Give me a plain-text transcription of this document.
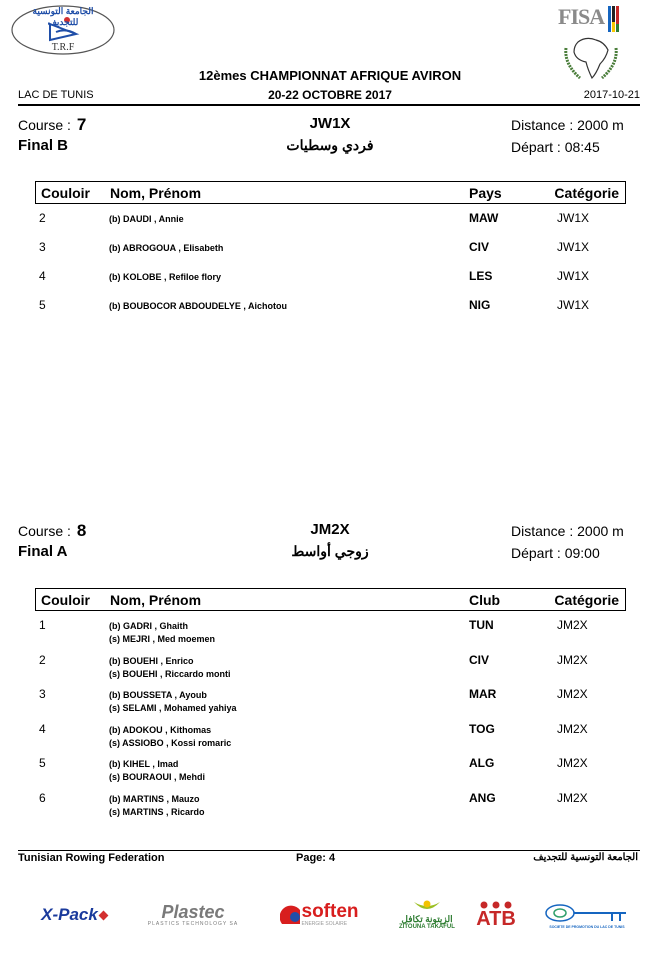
الجامعة التونسية للتجديف
T.R.F
FISA
12èmes CHAMPIONNAT AFRIQUE AVIRON
LAC DE TUNIS	20-22 OCTOBRE 2017	2017-10-21
Course : 7	JW1X	Distance : 2000 m
Final B	فردي وسطيات	Départ : 08:45
Couloir Nom, Prénom	Pays	Catégorie
2	(b) DAUDI , Annie	MAW	JW1X
3	(b) ABROGOUA , Elisabeth	CIV	JW1X
4	(b) KOLOBE , Refiloe flory	LES	JW1X
5	(b) BOUBOCOR ABDOUDELYE , Aichotou	NIG	JW1X
Course : 8	JM2X	Distance : 2000 m
Final A	زوجي أواسط	Départ : 09:00
Couloir Nom, Prénom	Club	Catégorie
1	(b) GADRI , Ghaith
(s) MEJRI , Med moemen
TUN	JM2X
2	(b) BOUEHI , Enrico
(s) BOUEHI , Riccardo monti
CIV	JM2X
3	(b) BOUSSETA , Ayoub
(s) SELAMI , Mohamed yahiya
MAR	JM2X
4	(b) ADOKOU , Kithomas
(s) ASSIOBO , Kossi romaric
TOG	JM2X
5	(b) KIHEL , Imad
(s) BOURAOUI , Mehdi
ALG	JM2X
6	(b) MARTINS , Mauzo
(s) MARTINS , Ricardo
ANG	JM2X
Tunisian Rowing Federation	Page: 4	الجامعة التونسية للتجديف
X-Pack	Plastec
PLASTICS TECHNOLOGY SA
soften
ENERGIE SOLAIRE	الزيتونة تكافل
ZITOUNA TAKAFUL ATB	SOCIETE DE PROMOTION DU LAC DE TUNIS
